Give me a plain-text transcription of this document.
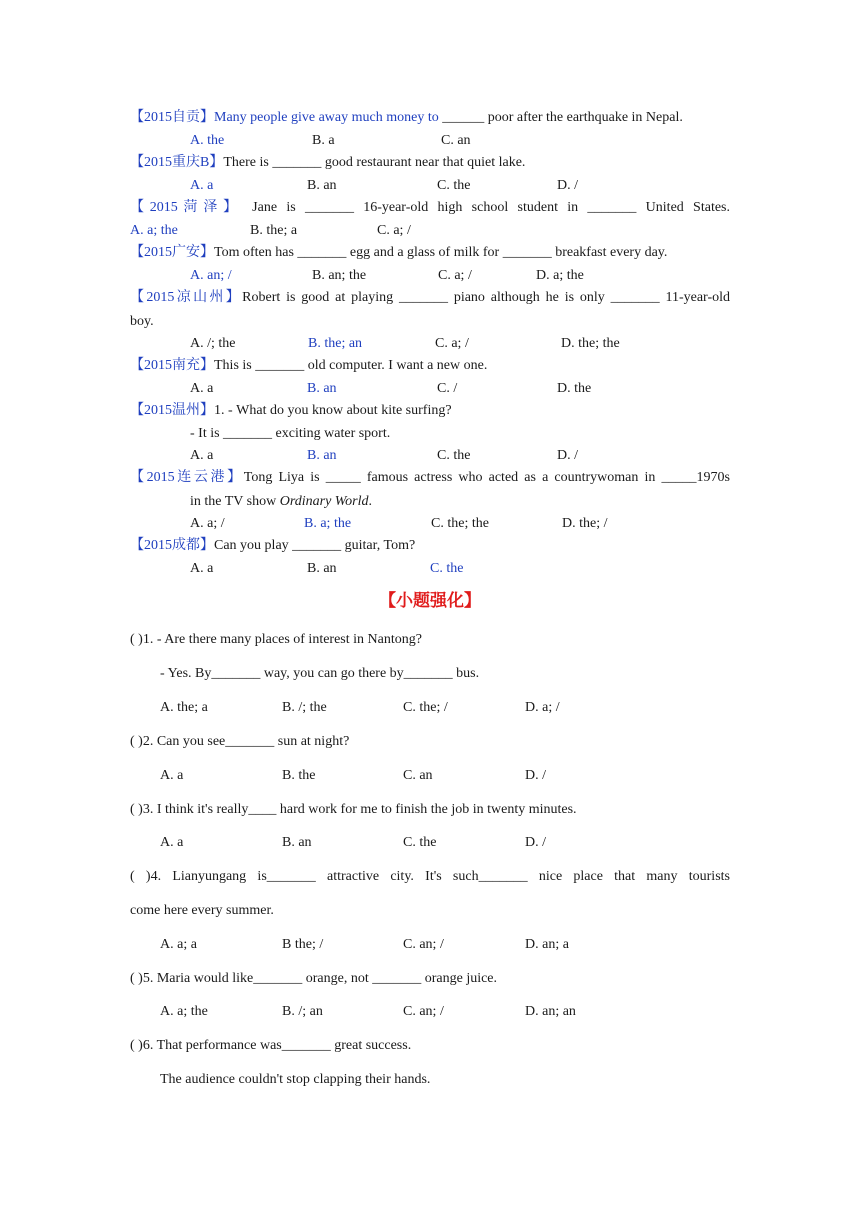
【2015自贡】Many people give away much money to ______ poor after the earthquake in Nepal.
A. the	B. a	C. an
【2015重庆B】There is _______ good restaurant near that quiet lake.
A. a	B. an	C. the	D. /
【2015菏泽】 Jane is _______ 16-year-old high school student in _______ United States.
A. a; the	B. the; a	C. a; /
【2015广安】Tom often has _______ egg and a glass of milk for _______ breakfast every day.
A. an; /	B. an; the	C. a; /	D. a; the
【2015凉山州】Robert is good at playing _______ piano although he is only _______ 11-year-old
boy.
A. /; the	B. the; an	C. a; /	D. the; the
【2015南充】This is _______ old computer. I want a new one.
A. a	B. an	C. /	D. the
【2015温州】1. - What do you know about kite surfing?
- It is _______ exciting water sport.
A. a	B. an	C. the	D. /
【2015连云港】Tong Liya is _____ famous actress who acted as a countrywoman in _____1970s
in the TV show Ordinary World.
A. a; /	B. a; the	C. the; the	D. the; /
【2015成都】Can you play _______ guitar, Tom?
A. a	B. an	C. the
【小题强化】
( )1. - Are there many places of interest in Nantong?
- Yes. By_______ way, you can go there by_______ bus.
A. the; a	B. /; the	C. the; /	D. a; /
( )2. Can you see_______ sun at night?
A. a	B. the	C. an	D. /
( )3. I think it's really____ hard work for me to finish the job in twenty minutes.
A. a	B. an	C. the	D. /
( )4. Lianyungang is_______ attractive city. It's such_______ nice place that many tourists
come here every summer.
A. a; a	B the; /	C. an; /	D. an; a
( )5. Maria would like_______ orange, not _______ orange juice.
A. a; the	B. /; an	C. an; /	D. an; an
( )6. That performance was_______ great success.
The audience couldn't stop clapping their hands.
